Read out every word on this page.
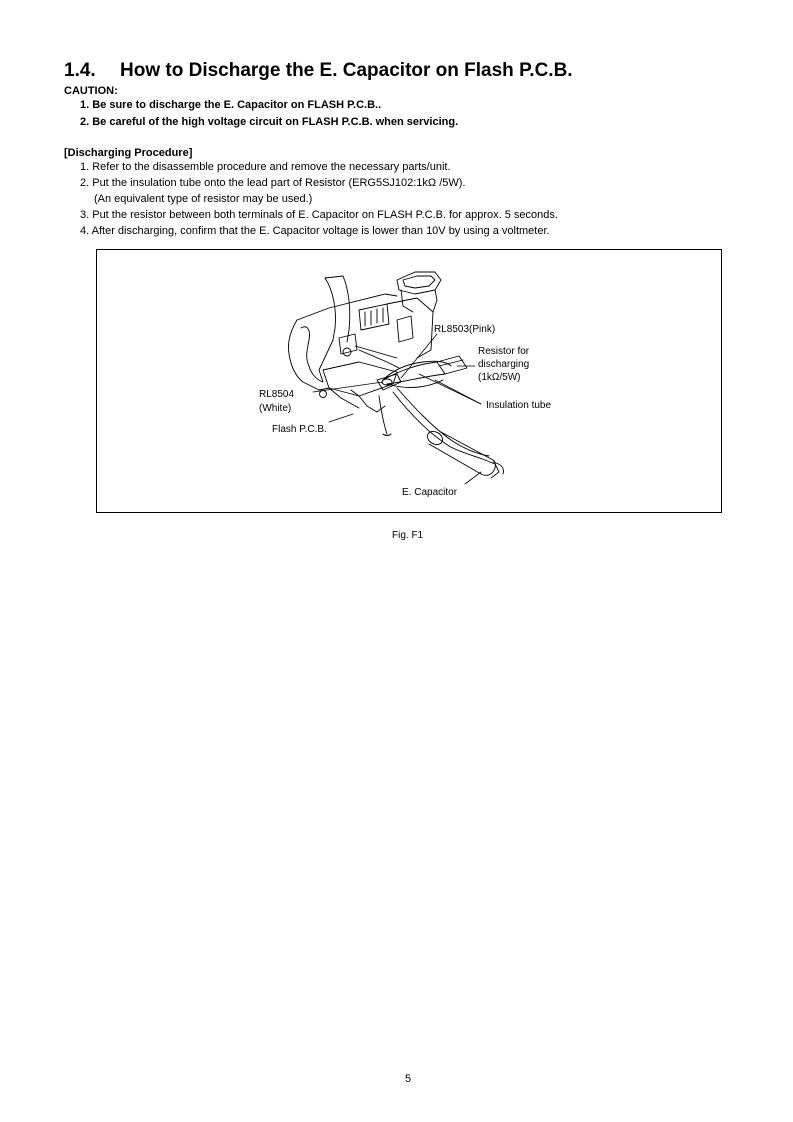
1.4. How to Discharge the E. Capacitor on Flash P.C.B.
CAUTION:
1. Be sure to discharge the E. Capacitor on FLASH P.C.B..
2. Be careful of the high voltage circuit on FLASH P.C.B. when servicing.
[Discharging Procedure]
1. Refer to the disassemble procedure and remove the necessary parts/unit.
2. Put the insulation tube onto the lead part of Resistor (ERG5SJ102:1kΩ /5W).
(An equivalent type of resistor may be used.)
3. Put the resistor between both terminals of E. Capacitor on FLASH P.C.B. for approx. 5 seconds.
4. After discharging, confirm that the E. Capacitor voltage is lower than 10V by using a voltmeter.
RL8503(Pink)
Resistor for
discharging
(1kΩ/5W)
RL8504
(White)	Insulation tube
Flash P.C.B.
E. Capacitor
Fig. F1
5
